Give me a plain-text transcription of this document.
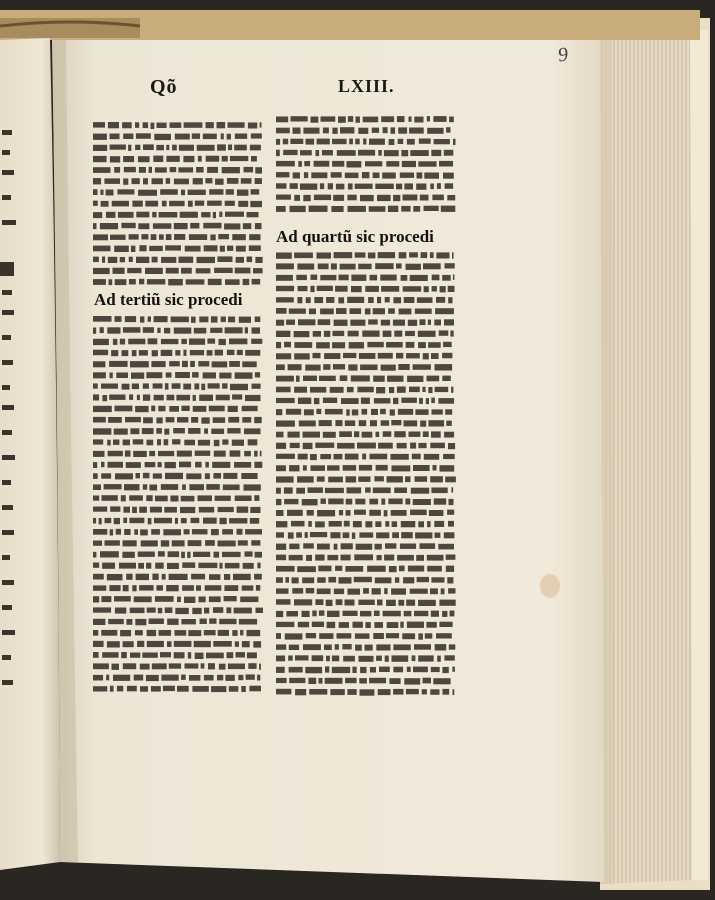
Qõ	LXIII.
9
Ad tertiũ sic procedi
Ad quartũ sic procedi
